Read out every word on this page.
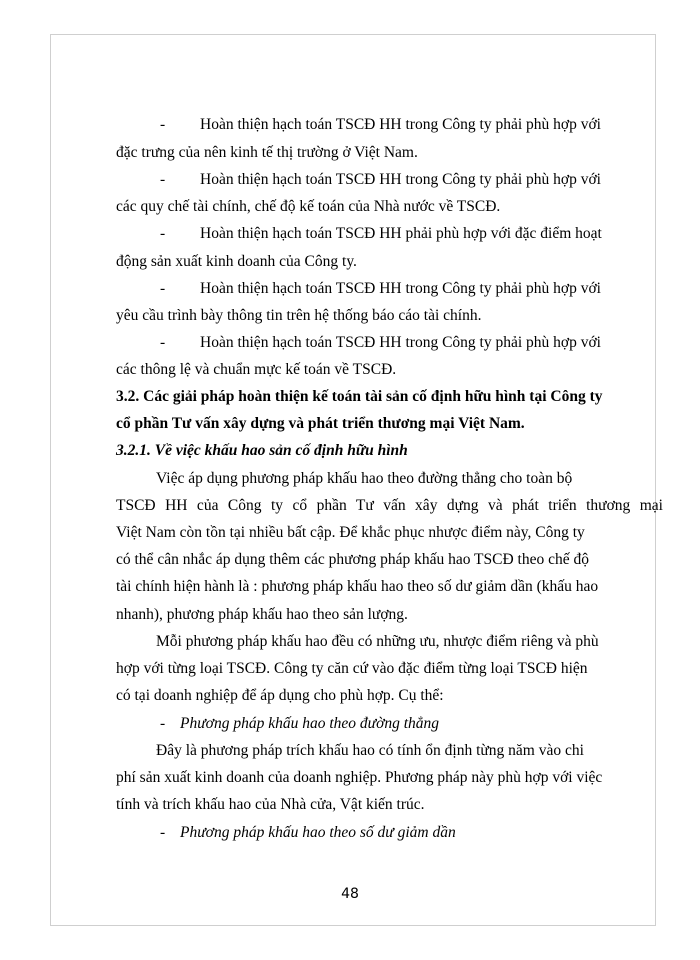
- Hoàn thiện hạch toán TSCĐ HH trong Công ty phải phù hợp với
đặc trưng của nên kinh tế thị trường ở Việt Nam.
- Hoàn thiện hạch toán TSCĐ HH trong Công ty phải phù hợp với
các quy chế tài chính, chế độ kế toán của Nhà nước về TSCĐ.
- Hoàn thiện hạch toán TSCĐ HH phải phù hợp với đặc điểm hoạt
động sản xuất kinh doanh của Công ty.
- Hoàn thiện hạch toán TSCĐ HH trong Công ty phải phù hợp với
yêu cầu trình bày thông tin trên hệ thống báo cáo tài chính.
- Hoàn thiện hạch toán TSCĐ HH trong Công ty phải phù hợp với
các thông lệ và chuẩn mực kế toán về TSCĐ.
3.2. Các giải pháp hoàn thiện kế toán tài sản cố định hữu hình tại Công ty
cổ phần Tư vấn xây dựng và phát triển thương mại Việt Nam.
3.2.1. Về việc khấu hao sản cố định hữu hình
Việc áp dụng phương pháp khấu hao theo đường thẳng cho toàn bộ
TSCĐ HH của Công ty cổ phần Tư vấn xây dựng và phát triển thương mại
Việt Nam còn tồn tại nhiều bất cập. Để khắc phục nhược điểm này, Công ty
có thể cân nhắc áp dụng thêm các phương pháp khấu hao TSCĐ theo chế độ
tài chính hiện hành là : phương pháp khấu hao theo số dư giảm dần (khấu hao
nhanh), phương pháp khấu hao theo sản lượng.
Mỗi phương pháp khấu hao đều có những ưu, nhược điểm riêng và phù
hợp với từng loại TSCĐ. Công ty căn cứ vào đặc điểm từng loại TSCĐ hiện
có tại doanh nghiệp để áp dụng cho phù hợp. Cụ thể:
- Phương pháp khấu hao theo đường thẳng
Đây là phương pháp trích khấu hao có tính ổn định từng năm vào chi
phí sản xuất kinh doanh của doanh nghiệp. Phương pháp này phù hợp với việc
tính và trích khấu hao của Nhà cửa, Vật kiến trúc.
- Phương pháp khấu hao theo số dư giảm dần
48
